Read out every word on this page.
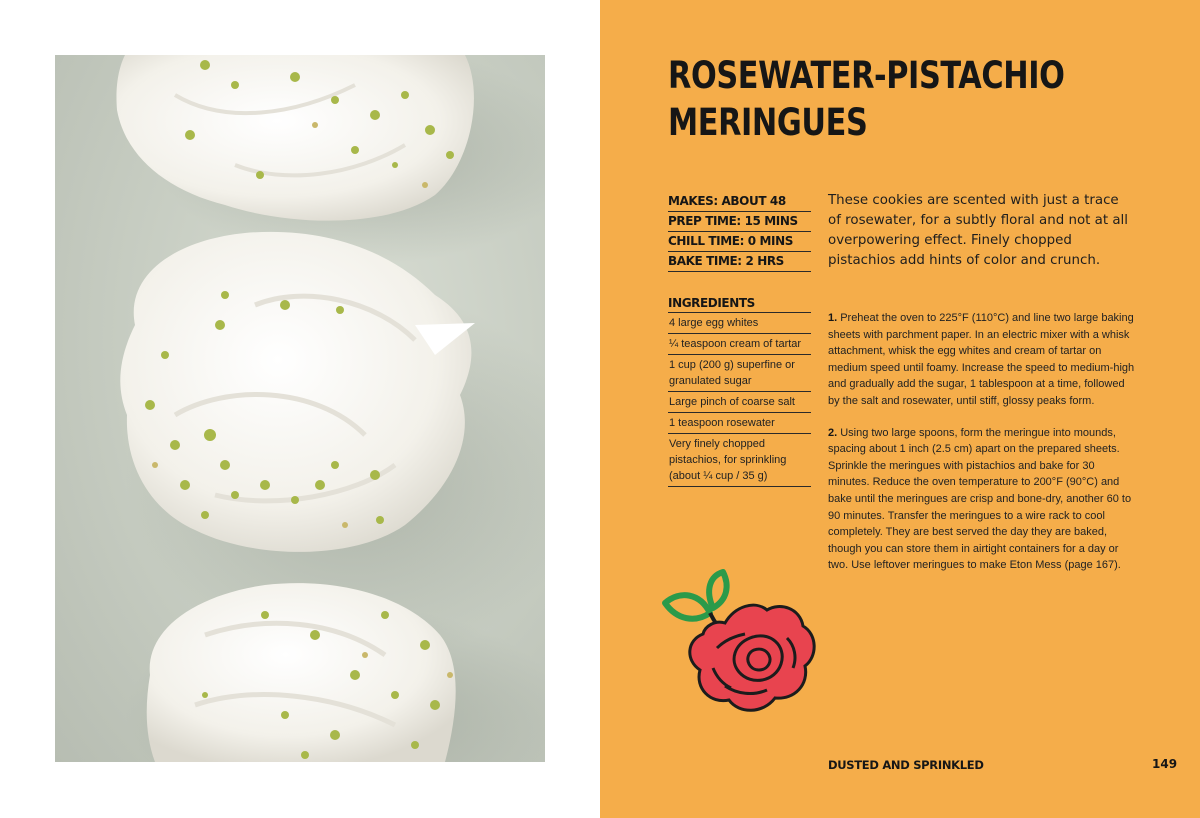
ROSEWATER-PISTACHIO
MERINGUES
MAKES: ABOUT 48
PREP TIME: 15 MINS
CHILL TIME: 0 MINS
BAKE TIME: 2 HRS

These cookies are scented with just a trace of rosewater, for a subtly floral and not at all overpowering effect. Finely chopped pistachios add hints of color and crunch.

INGREDIENTS
4 large egg whites
¼ teaspoon cream of tartar
1 cup (200 g) superfine or granulated sugar
Large pinch of coarse salt
1 teaspoon rosewater
Very finely chopped pistachios, for sprinkling (about ¼ cup / 35 g)

1. Preheat the oven to 225°F (110°C) and line two large baking sheets with parchment paper. In an electric mixer with a whisk attachment, whisk the egg whites and cream of tartar on medium speed until foamy. Increase the speed to medium-high and gradually add the sugar, 1 tablespoon at a time, followed by the salt and rosewater, until stiff, glossy peaks form.

2. Using two large spoons, form the meringue into mounds, spacing about 1 inch (2.5 cm) apart on the prepared sheets. Sprinkle the meringues with pistachios and bake for 30 minutes. Reduce the oven temperature to 200°F (90°C) and bake until the meringues are crisp and bone-dry, another 60 to 90 minutes. Transfer the meringues to a wire rack to cool completely. They are best served the day they are baked, though you can store them in airtight containers for a day or two. Use leftover meringues to make Eton Mess (page 167).

DUSTED AND SPRINKLED	149
